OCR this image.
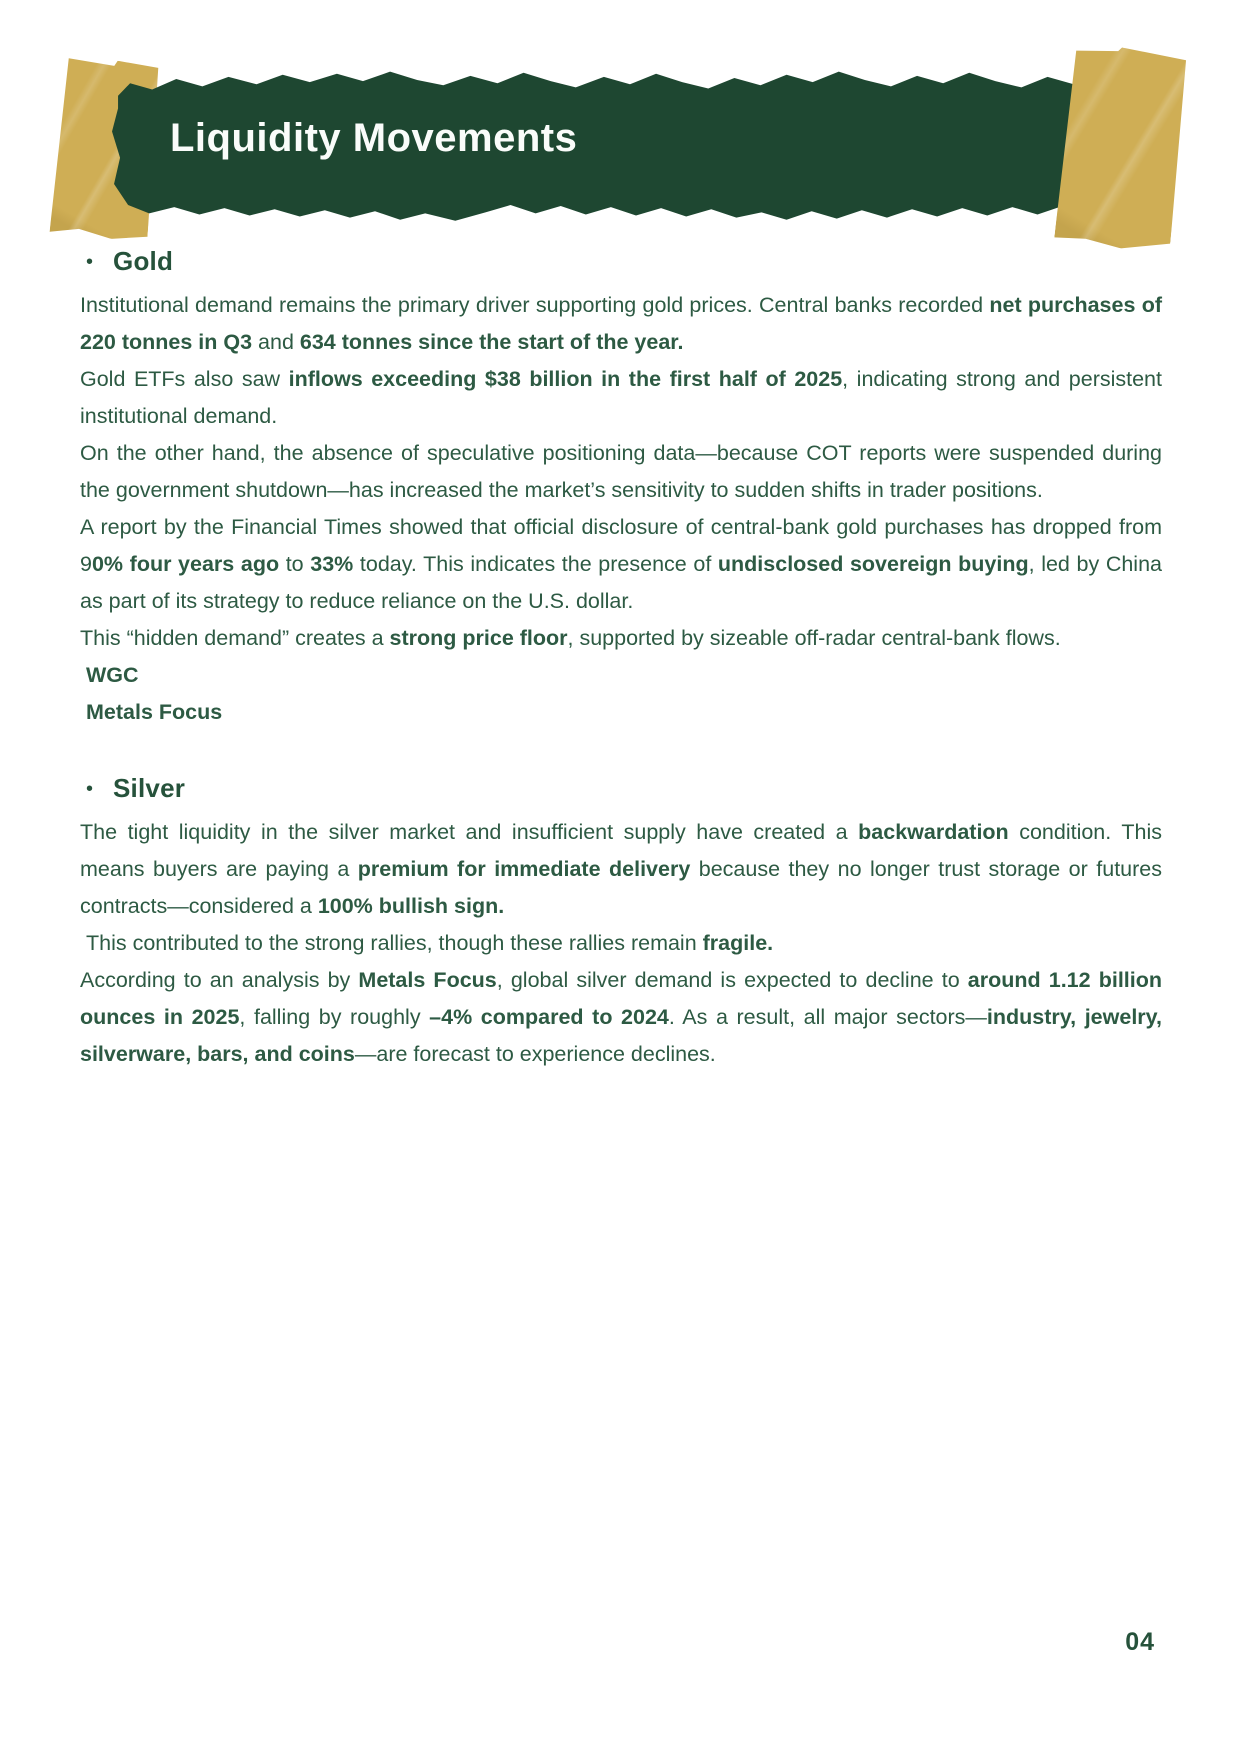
Liquidity Movements
• Gold

Institutional demand remains the primary driver supporting gold prices. Central banks recorded net purchases of 220 tonnes in Q3 and 634 tonnes since the start of the year.

Gold ETFs also saw inflows exceeding $38 billion in the first half of 2025, indicating strong and persistent institutional demand.

On the other hand, the absence of speculative positioning data—because COT reports were suspended during the government shutdown—has increased the market’s sensitivity to sudden shifts in trader positions.

A report by the Financial Times showed that official disclosure of central-bank gold purchases has dropped from 90% four years ago to 33% today. This indicates the presence of undisclosed sovereign buying, led by China as part of its strategy to reduce reliance on the U.S. dollar.

This “hidden demand” creates a strong price floor, supported by sizeable off-radar central-bank flows.

WGC

Metals Focus

• Silver

The tight liquidity in the silver market and insufficient supply have created a backwardation condition. This means buyers are paying a premium for immediate delivery because they no longer trust storage or futures contracts—considered a 100% bullish sign.

This contributed to the strong rallies, though these rallies remain fragile.

According to an analysis by Metals Focus, global silver demand is expected to decline to around 1.12 billion ounces in 2025, falling by roughly –4% compared to 2024. As a result, all major sectors—industry, jewelry, silverware, bars, and coins—are forecast to experience declines.

04
